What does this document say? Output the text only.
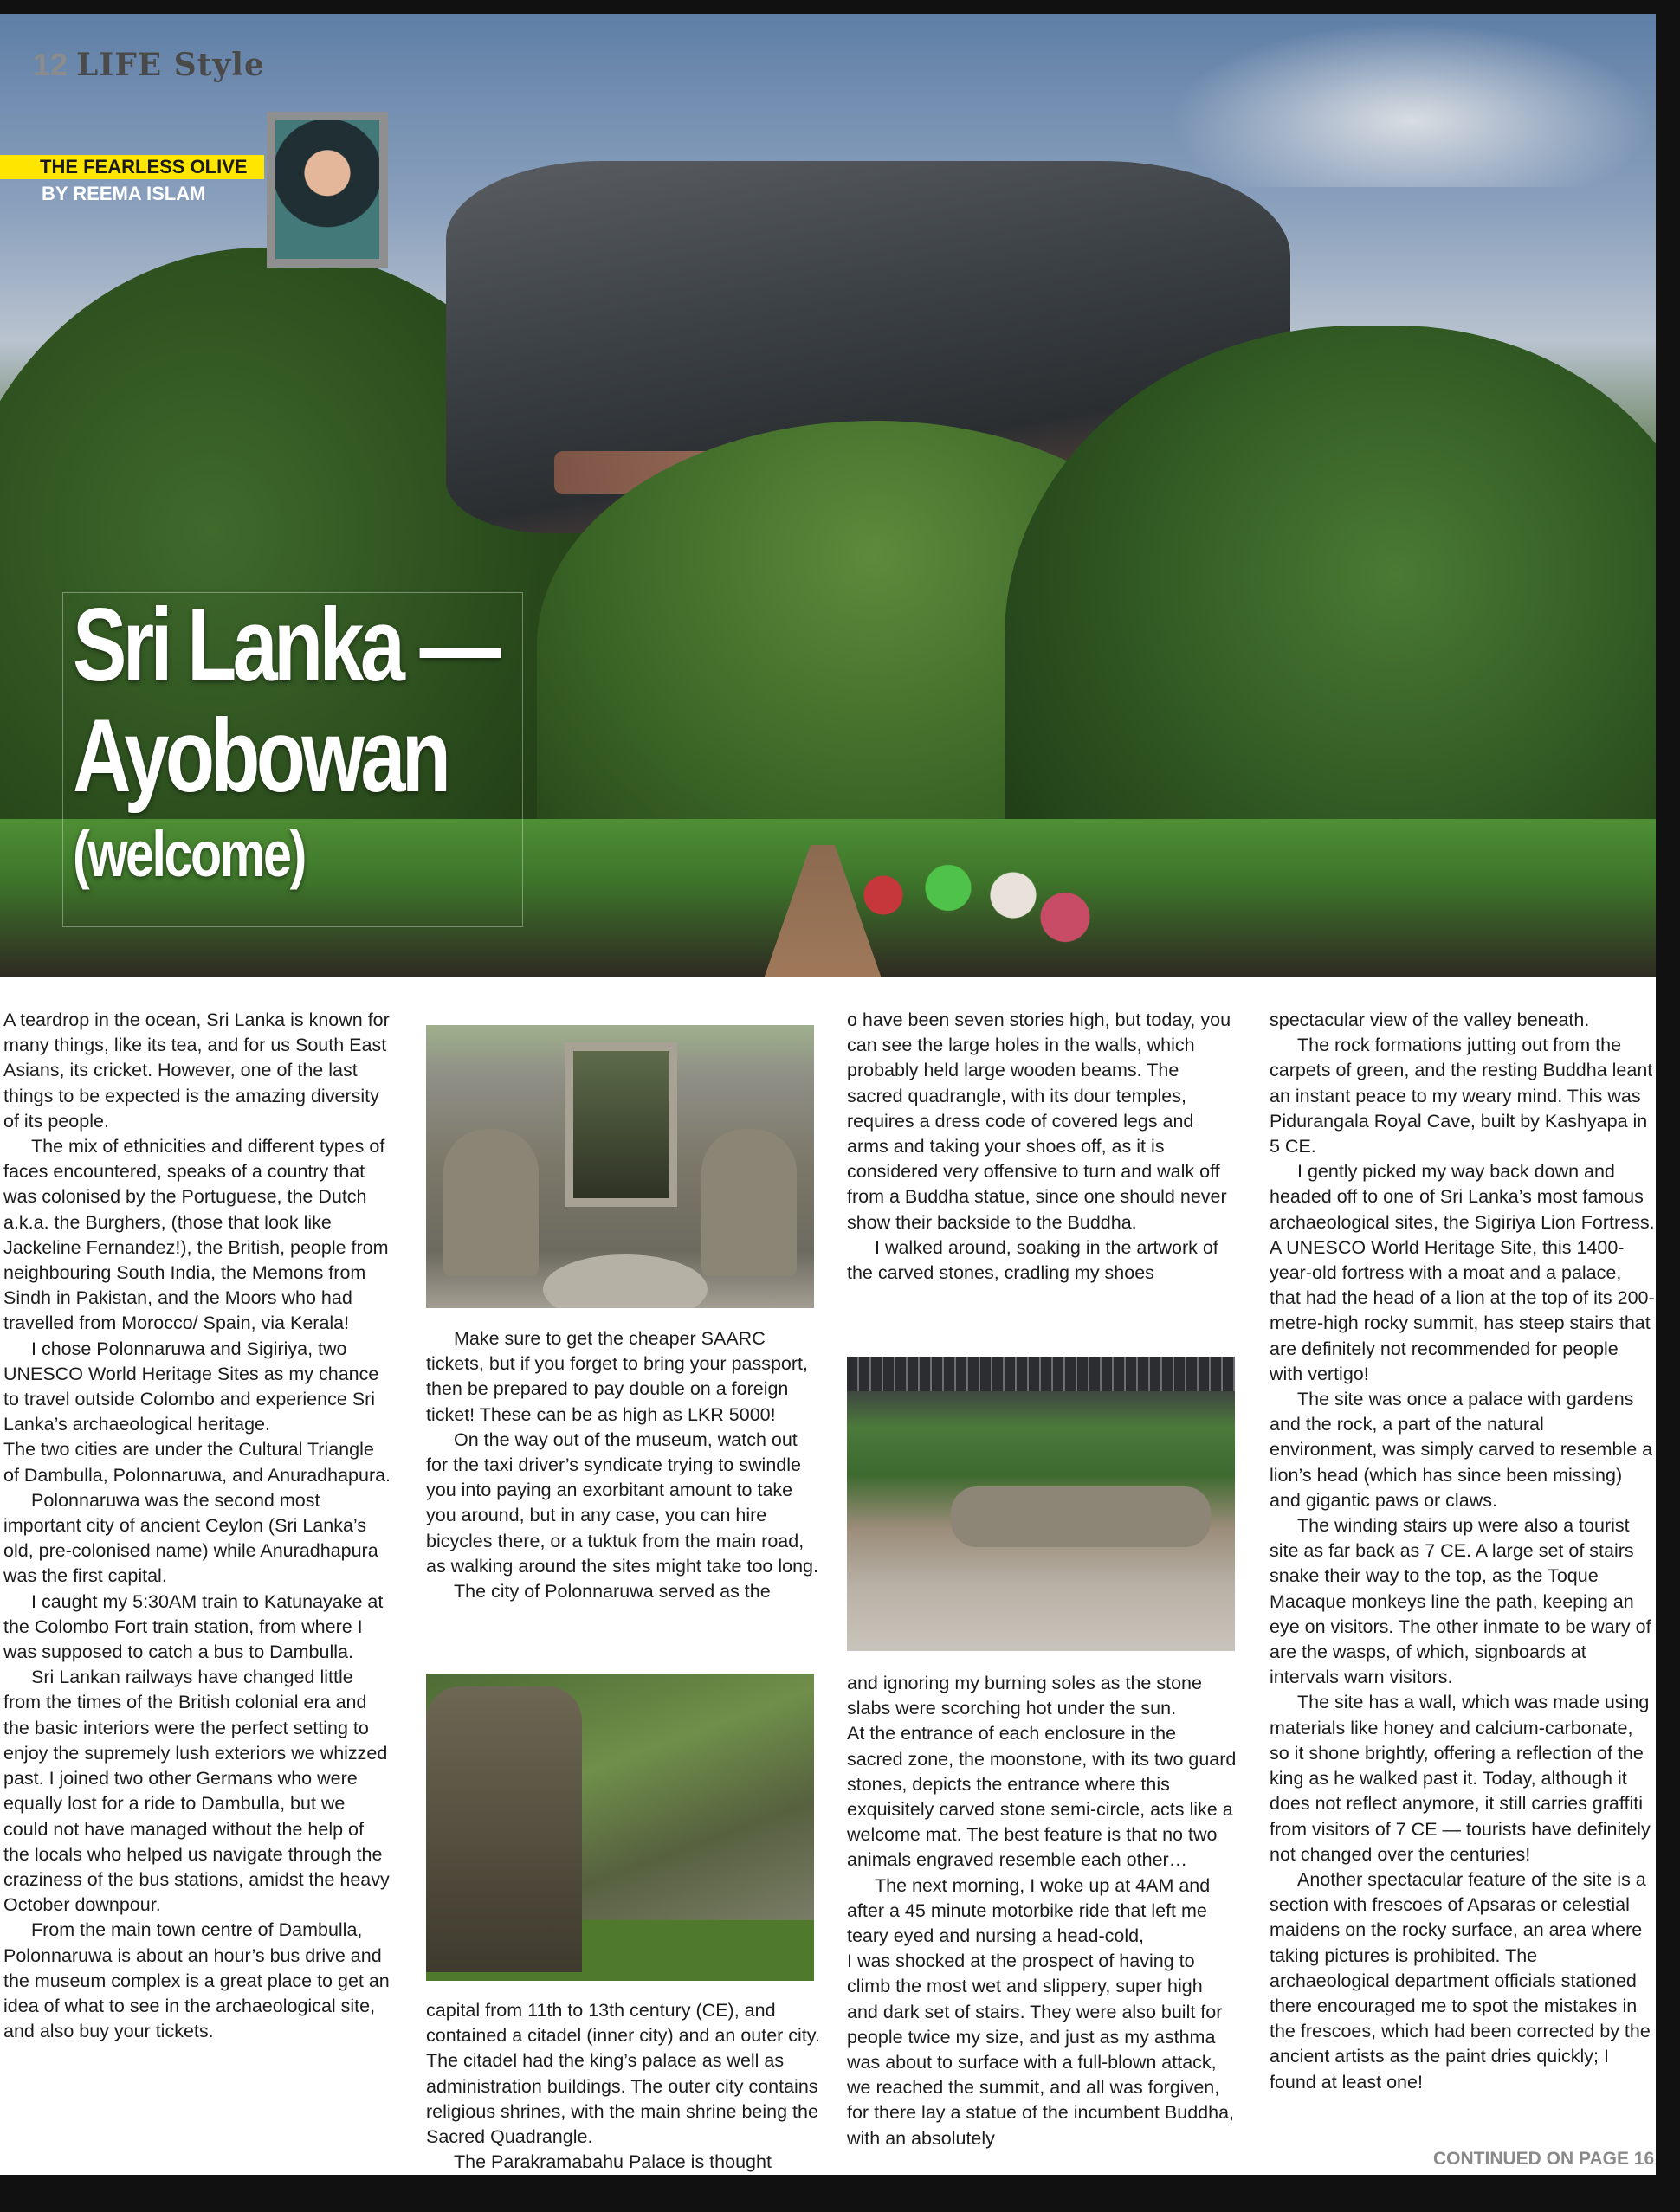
12 LIFE Style
THE FEARLESS OLIVE
BY REEMA ISLAM
Sri Lanka —
Ayobowan
(welcome)

A teardrop in the ocean, Sri Lanka is known for many things, like its tea, and for us South East Asians, its cricket. However, one of the last things to be expected is the amazing diversity of its people.

The mix of ethnicities and different types of faces encountered, speaks of a country that was colonised by the Portuguese, the Dutch a.k.a. the Burghers, (those that look like Jackeline Fernandez!), the British, people from neighbouring South India, the Memons from Sindh in Pakistan, and the Moors who had travelled from Morocco/ Spain, via Kerala!

I chose Polonnaruwa and Sigiriya, two UNESCO World Heritage Sites as my chance to travel outside Colombo and experience Sri Lanka’s archaeological heritage.

The two cities are under the Cultural Triangle of Dambulla, Polonnaruwa, and Anuradhapura.

Polonnaruwa was the second most important city of ancient Ceylon (Sri Lanka’s old, pre-colonised name) while Anuradhapura was the first capital.

I caught my 5:30AM train to Katunayake at the Colombo Fort train station, from where I was supposed to catch a bus to Dambulla.

Sri Lankan railways have changed little from the times of the British colonial era and the basic interiors were the perfect setting to enjoy the supremely lush exteriors we whizzed past. I joined two other Germans who were equally lost for a ride to Dambulla, but we could not have managed without the help of the locals who helped us navigate through the craziness of the bus stations, amidst the heavy October downpour.

From the main town centre of Dambulla, Polonnaruwa is about an hour’s bus drive and the museum complex is a great place to get an idea of what to see in the archaeological site, and also buy your tickets.

Make sure to get the cheaper SAARC tickets, but if you forget to bring your passport, then be prepared to pay double on a foreign ticket! These can be as high as LKR 5000!

On the way out of the museum, watch out for the taxi driver’s syndicate trying to swindle you into paying an exorbitant amount to take you around, but in any case, you can hire bicycles there, or a tuktuk from the main road, as walking around the sites might take too long.

The city of Polonnaruwa served as the

capital from 11th to 13th century (CE), and contained a citadel (inner city) and an outer city. The citadel had the king’s palace as well as administration buildings. The outer city contains religious shrines, with the main shrine being the Sacred Quadrangle.

The Parakramabahu Palace is thought

o have been seven stories high, but today, you can see the large holes in the walls, which probably held large wooden beams. The sacred quadrangle, with its dour temples, requires a dress code of covered legs and arms and taking your shoes off, as it is considered very offensive to turn and walk off from a Buddha statue, since one should never show their backside to the Buddha.

I walked around, soaking in the artwork of the carved stones, cradling my shoes

and ignoring my burning soles as the stone slabs were scorching hot under the sun.

At the entrance of each enclosure in the sacred zone, the moonstone, with its two guard stones, depicts the entrance where this exquisitely carved stone semi-circle, acts like a welcome mat. The best feature is that no two animals engraved resemble each other…

The next morning, I woke up at 4AM and after a 45 minute motorbike ride that left me teary eyed and nursing a head-cold,

I was shocked at the prospect of having to climb the most wet and slippery, super high and dark set of stairs. They were also built for people twice my size, and just as my asthma was about to surface with a full-blown attack, we reached the summit, and all was forgiven, for there lay a statue of the incumbent Buddha, with an absolutely

spectacular view of the valley beneath.

The rock formations jutting out from the carpets of green, and the resting Buddha leant an instant peace to my weary mind. This was Pidurangala Royal Cave, built by Kashyapa in 5 CE.

I gently picked my way back down and headed off to one of Sri Lanka’s most famous archaeological sites, the Sigiriya Lion Fortress. A UNESCO World Heritage Site, this 1400-year-old fortress with a moat and a palace, that had the head of a lion at the top of its 200-metre-high rocky summit, has steep stairs that are definitely not recommended for people with vertigo!

The site was once a palace with gardens and the rock, a part of the natural environment, was simply carved to resemble a lion’s head (which has since been missing) and gigantic paws or claws.

The winding stairs up were also a tourist site as far back as 7 CE. A large set of stairs snake their way to the top, as the Toque Macaque monkeys line the path, keeping an eye on visitors. The other inmate to be wary of are the wasps, of which, signboards at intervals warn visitors.

The site has a wall, which was made using materials like honey and calcium-carbonate, so it shone brightly, offering a reflection of the king as he walked past it. Today, although it does not reflect anymore, it still carries graffiti from visitors of 7 CE — tourists have definitely not changed over the centuries!

Another spectacular feature of the site is a section with frescoes of Apsaras or celestial maidens on the rocky surface, an area where taking pictures is prohibited. The archaeological department officials stationed there encouraged me to spot the mistakes in the frescoes, which had been corrected by the ancient artists as the paint dries quickly; I found at least one!

CONTINUED ON PAGE 16
